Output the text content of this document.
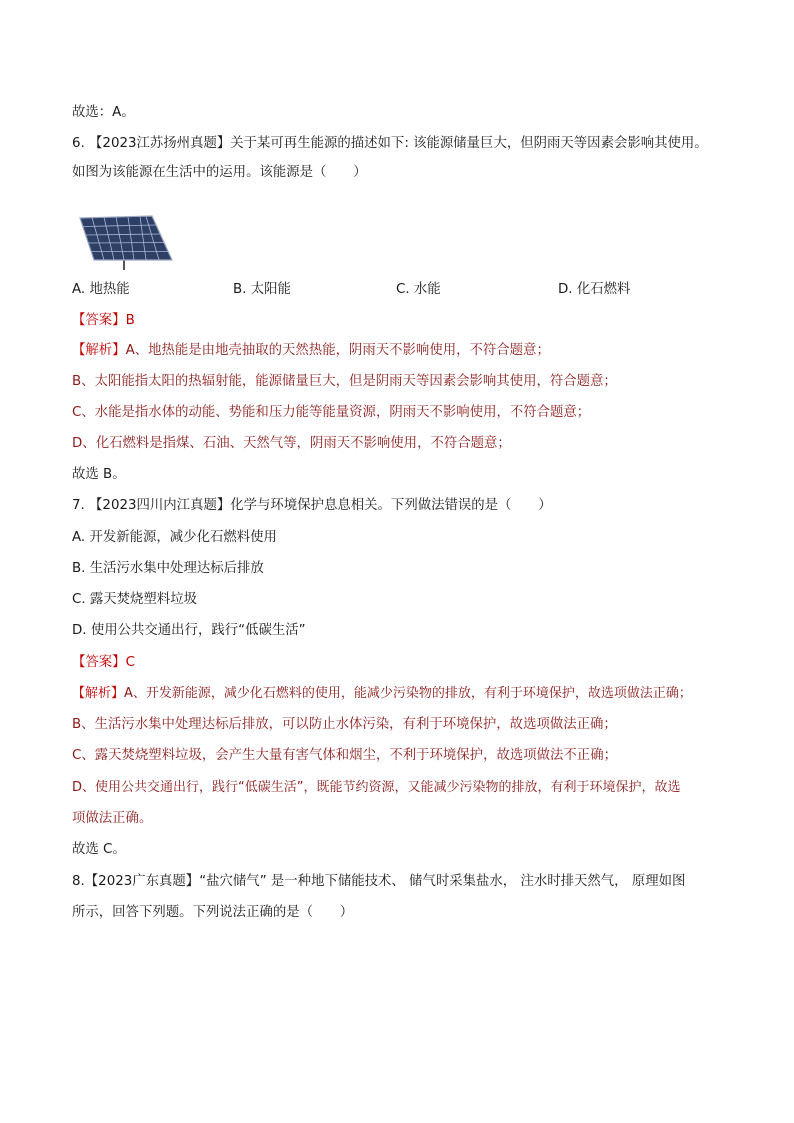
故选：A。
6. 【2023江苏扬州真题】关于某可再生能源的描述如下: 该能源储量巨大，但阴雨天等因素会影响其使用。
如图为该能源在生活中的运用。该能源是（　　）
A. 地热能	B. 太阳能	C. 水能	D. 化石燃料
【答案】B
【解析】A、地热能是由地壳抽取的天然热能，阴雨天不影响使用，不符合题意；
B、太阳能指太阳的热辐射能，能源储量巨大，但是阴雨天等因素会影响其使用，符合题意；
C、水能是指水体的动能、势能和压力能等能量资源，阴雨天不影响使用，不符合题意；
D、化石燃料是指煤、石油、天然气等，阴雨天不影响使用，不符合题意；
故选 B。
7. 【2023四川内江真题】化学与环境保护息息相关。下列做法错误的是（　　）
A. 开发新能源，减少化石燃料使用
B. 生活污水集中处理达标后排放
C. 露天焚烧塑料垃圾
D. 使用公共交通出行，践行“低碳生活”
【答案】C
【解析】A、开发新能源，减少化石燃料的使用，能减少污染物的排放，有利于环境保护，故选项做法正确；
B、生活污水集中处理达标后排放，可以防止水体污染，有利于环境保护，故选项做法正确；
C、露天焚烧塑料垃圾，会产生大量有害气体和烟尘，不利于环境保护，故选项做法不正确；
D、使用公共交通出行，践行“低碳生活”，既能节约资源，又能减少污染物的排放，有利于环境保护，故选
项做法正确。
故选 C。
8.【2023广东真题】“盐穴储气” 是一种地下储能技术、 储气时采集盐水， 注水时排天然气， 原理如图
所示，回答下列题。下列说法正确的是（　　）
